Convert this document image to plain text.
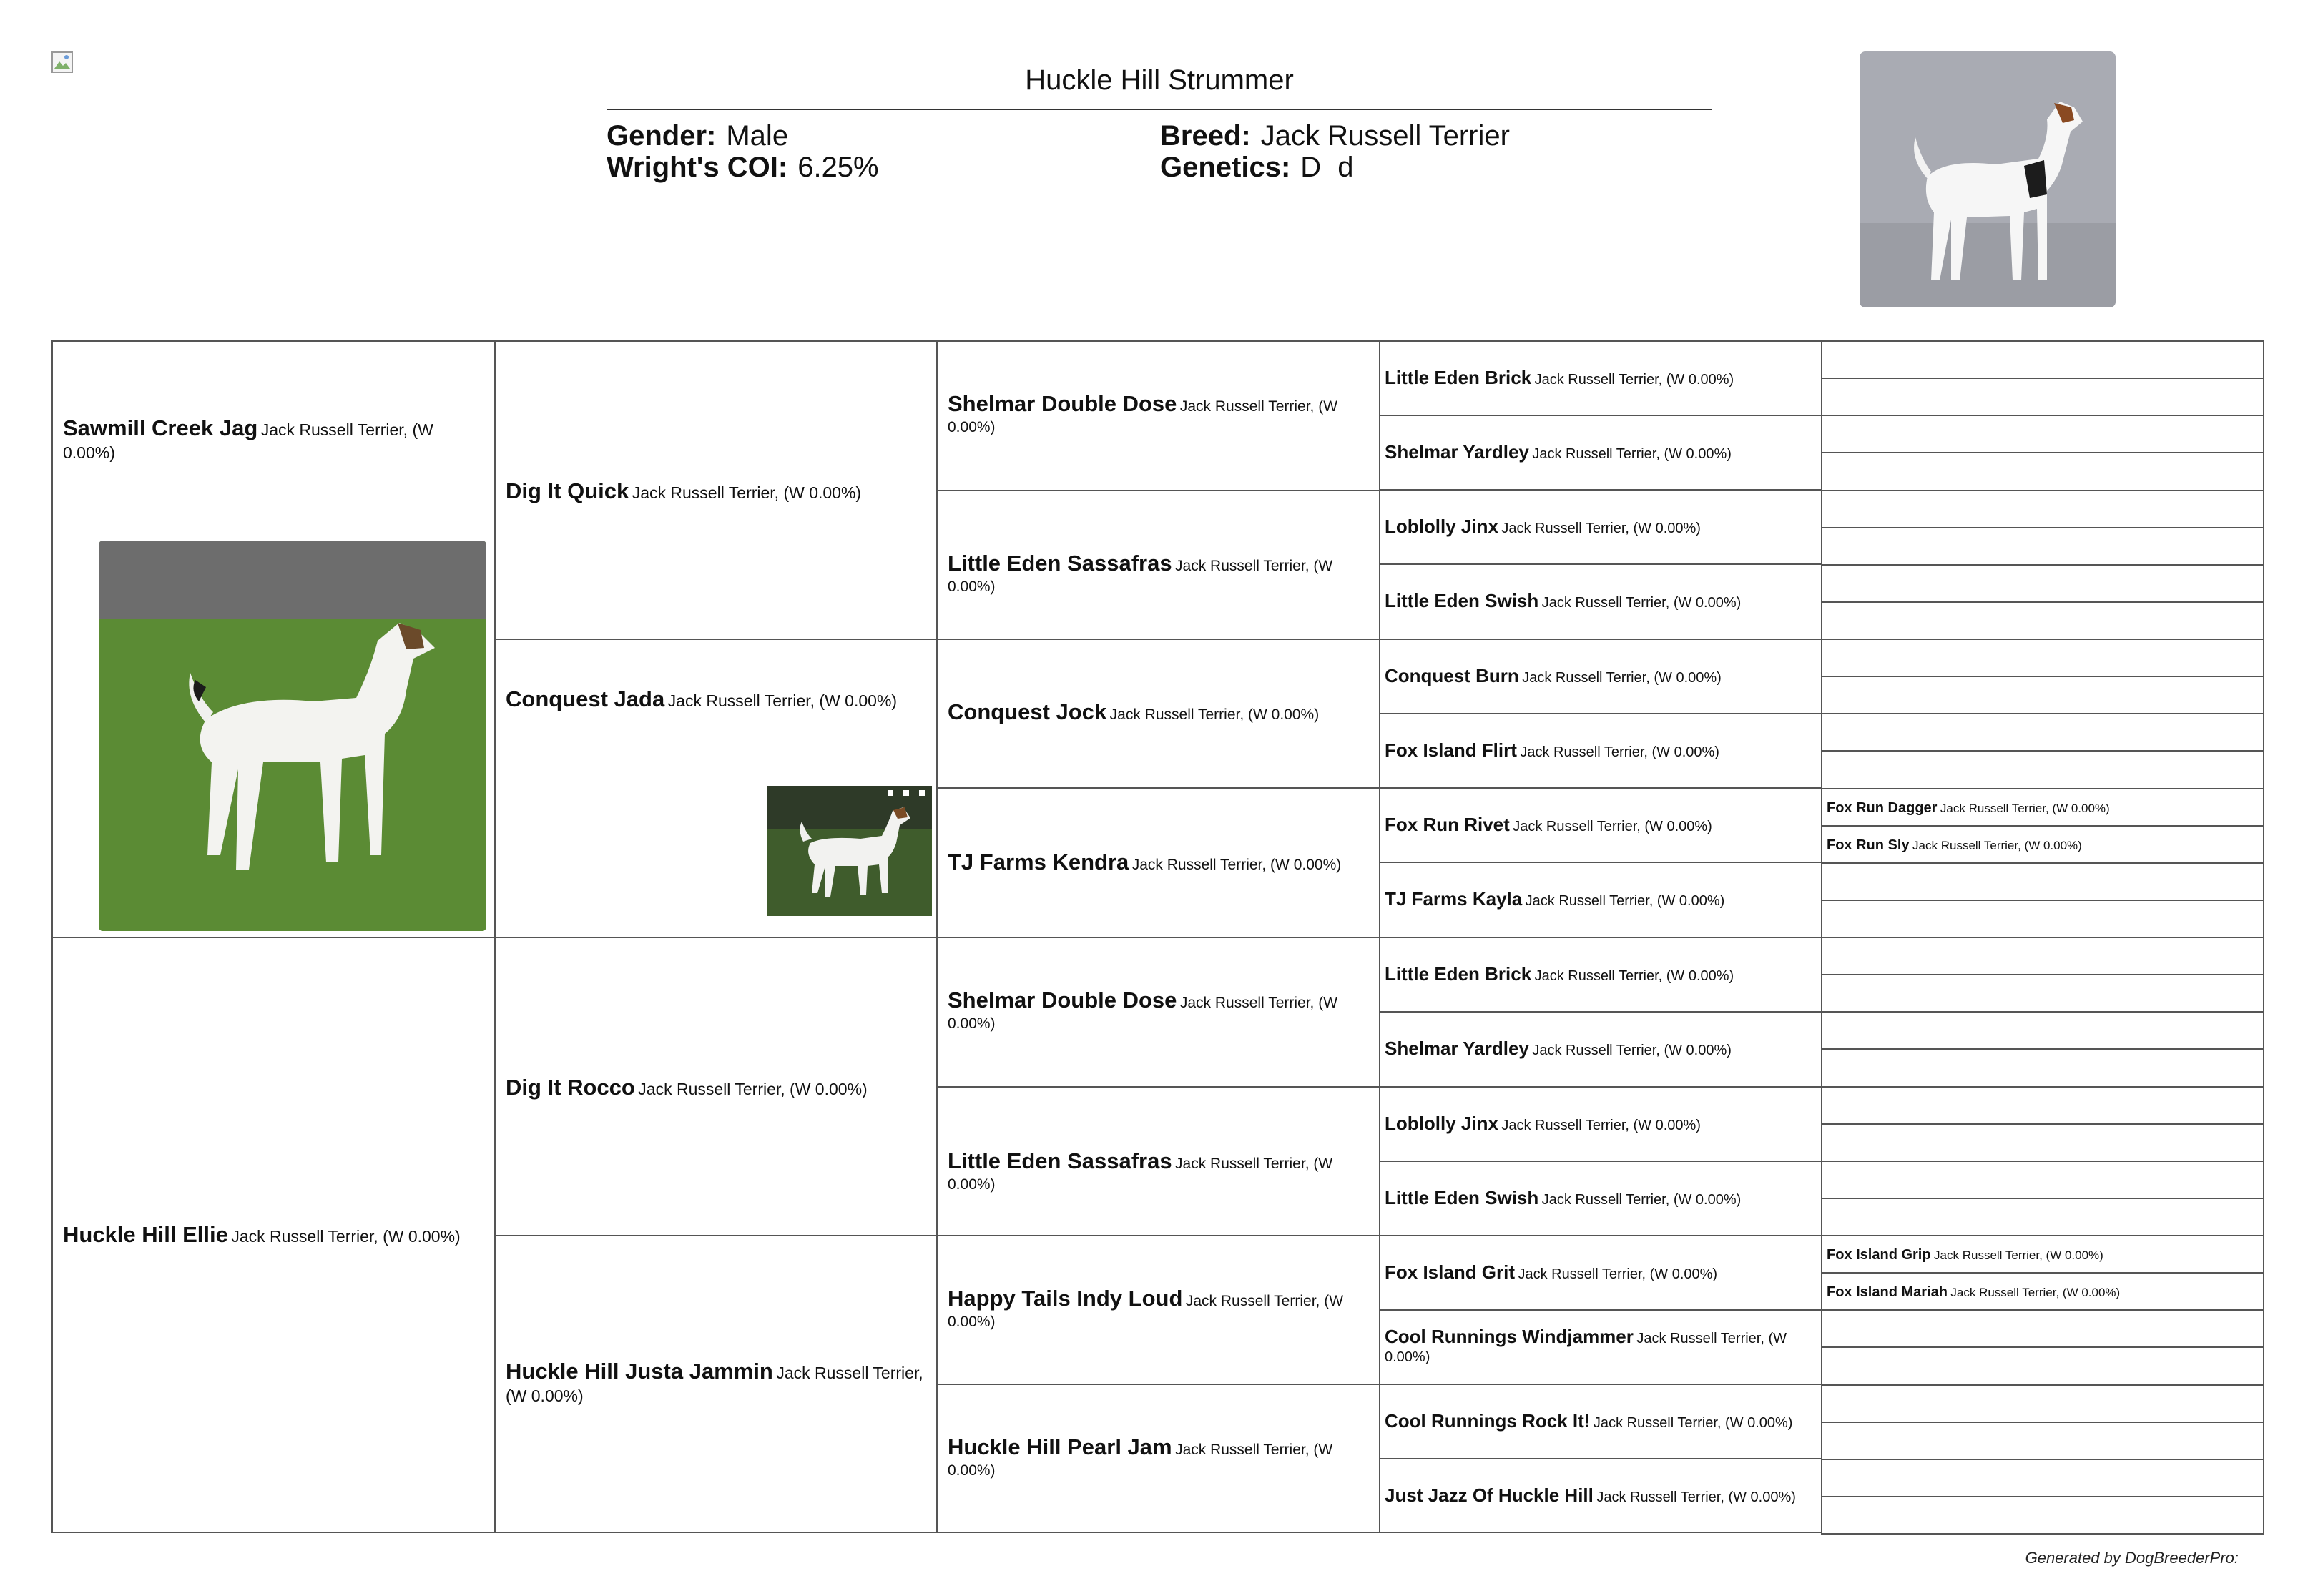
Huckle Hill Strummer
Gender: Male
Wright's COI: 6.25%
Breed: Jack Russell Terrier
Genetics: D d
Sawmill Creek Jag Jack Russell Terrier, (W 0.00%)
Huckle Hill Ellie Jack Russell Terrier, (W 0.00%)
Dig It Quick Jack Russell Terrier, (W 0.00%)
Conquest Jada Jack Russell Terrier, (W 0.00%)
Dig It Rocco Jack Russell Terrier, (W 0.00%)
Huckle Hill Justa Jammin Jack Russell Terrier, (W 0.00%)
Shelmar Double Dose Jack Russell Terrier, (W 0.00%)
Little Eden Sassafras Jack Russell Terrier, (W 0.00%)
Conquest Jock Jack Russell Terrier, (W 0.00%)
TJ Farms Kendra Jack Russell Terrier, (W 0.00%)
Shelmar Double Dose Jack Russell Terrier, (W 0.00%)
Little Eden Sassafras Jack Russell Terrier, (W 0.00%)
Happy Tails Indy Loud Jack Russell Terrier, (W 0.00%)
Huckle Hill Pearl Jam Jack Russell Terrier, (W 0.00%)
Little Eden Brick Jack Russell Terrier, (W 0.00%)
Shelmar Yardley Jack Russell Terrier, (W 0.00%)
Loblolly Jinx Jack Russell Terrier, (W 0.00%)
Little Eden Swish Jack Russell Terrier, (W 0.00%)
Conquest Burn Jack Russell Terrier, (W 0.00%)
Fox Island Flirt Jack Russell Terrier, (W 0.00%)
Fox Run Rivet Jack Russell Terrier, (W 0.00%)
TJ Farms Kayla Jack Russell Terrier, (W 0.00%)
Little Eden Brick Jack Russell Terrier, (W 0.00%)
Shelmar Yardley Jack Russell Terrier, (W 0.00%)
Loblolly Jinx Jack Russell Terrier, (W 0.00%)
Little Eden Swish Jack Russell Terrier, (W 0.00%)
Fox Island Grit Jack Russell Terrier, (W 0.00%)
Cool Runnings Windjammer Jack Russell Terrier, (W 0.00%)
Cool Runnings Rock It! Jack Russell Terrier, (W 0.00%)
Just Jazz Of Huckle Hill Jack Russell Terrier, (W 0.00%)
Fox Run Dagger Jack Russell Terrier, (W 0.00%)
Fox Run Sly Jack Russell Terrier, (W 0.00%)
Fox Island Grip Jack Russell Terrier, (W 0.00%)
Fox Island Mariah Jack Russell Terrier, (W 0.00%)
Generated by DogBreederPro:
